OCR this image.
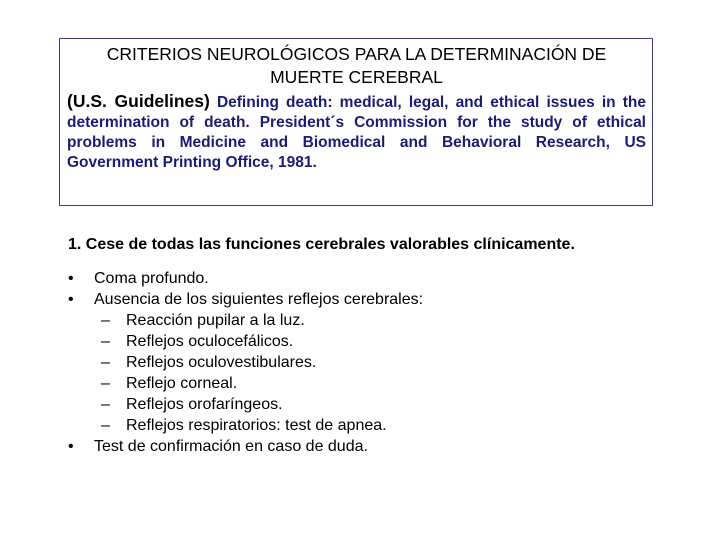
CRITERIOS NEUROLÓGICOS PARA LA DETERMINACIÓN DE

MUERTE CEREBRAL

(U.S. Guidelines) Defining death: medical, legal, and ethical issues in the determination of death. President´s Commission for the study of ethical problems in Medicine and Biomedical and Behavioral Research, US Government Printing Office, 1981.

1. Cese de todas las funciones cerebrales valorables clínicamente.

•	Coma profundo.
•	Ausencia de los siguientes reflejos cerebrales:
– Reacción pupilar a la luz.
– Reflejos oculocefálicos.
– Reflejos oculovestibulares.
– Reflejo corneal.
– Reflejos orofaríngeos.
– Reflejos respiratorios: test de apnea.
•	Test de confirmación en caso de duda.
